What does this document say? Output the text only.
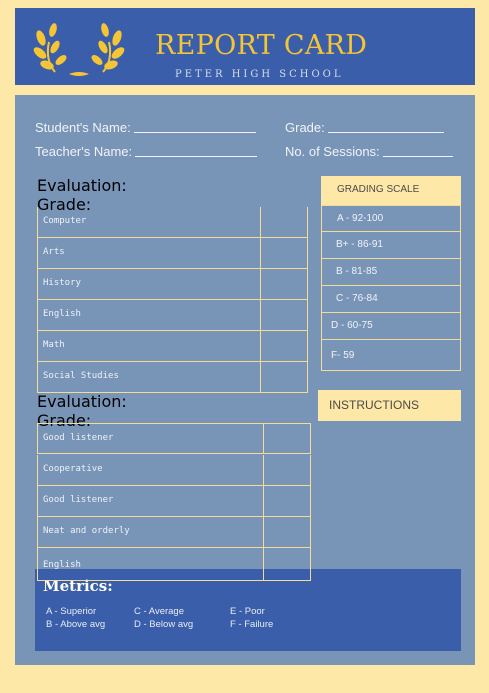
REPORT CARD
PETER HIGH SCHOOL
Student's Name:	Grade:
Teacher's Name:	No. of Sessions:
Evaluation:
Grade:
Computer
Arts
History
English
Math
Social Studies
Evaluation:
Grade:
Good listener
Cooperative
Good listener
Neat and orderly
English
GRADING SCALE
A - 92-100
B+ - 86-91
B - 81-85
C - 76-84
D - 60-75
F- 59
INSTRUCTIONS
Metrics:
A - Superior
B - Above avg
C - Average
D - Below avg
E - Poor
F - Failure
